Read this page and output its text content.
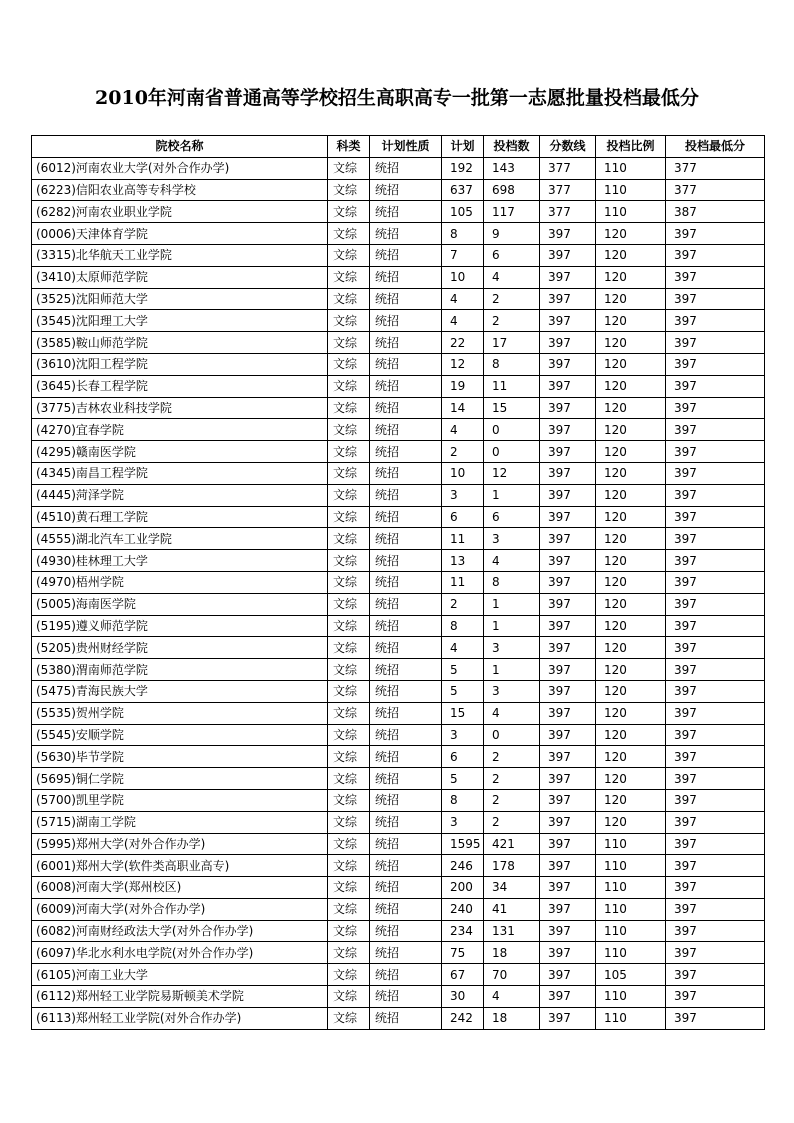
2010年河南省普通高等学校招生高职高专一批第一志愿批量投档最低分
院校名称	科类	计划性质	计划	投档数	分数线	投档比例	投档最低分
(6012)河南农业大学(对外合作办学)	文综	统招	192	143	377	110	377
(6223)信阳农业高等专科学校	文综	统招	637	698	377	110	377
(6282)河南农业职业学院	文综	统招	105	117	377	110	387
(0006)天津体育学院	文综	统招	8	9	397	120	397
(3315)北华航天工业学院	文综	统招	7	6	397	120	397
(3410)太原师范学院	文综	统招	10	4	397	120	397
(3525)沈阳师范大学	文综	统招	4	2	397	120	397
(3545)沈阳理工大学	文综	统招	4	2	397	120	397
(3585)鞍山师范学院	文综	统招	22	17	397	120	397
(3610)沈阳工程学院	文综	统招	12	8	397	120	397
(3645)长春工程学院	文综	统招	19	11	397	120	397
(3775)吉林农业科技学院	文综	统招	14	15	397	120	397
(4270)宜春学院	文综	统招	4	0	397	120	397
(4295)赣南医学院	文综	统招	2	0	397	120	397
(4345)南昌工程学院	文综	统招	10	12	397	120	397
(4445)菏泽学院	文综	统招	3	1	397	120	397
(4510)黄石理工学院	文综	统招	6	6	397	120	397
(4555)湖北汽车工业学院	文综	统招	11	3	397	120	397
(4930)桂林理工大学	文综	统招	13	4	397	120	397
(4970)梧州学院	文综	统招	11	8	397	120	397
(5005)海南医学院	文综	统招	2	1	397	120	397
(5195)遵义师范学院	文综	统招	8	1	397	120	397
(5205)贵州财经学院	文综	统招	4	3	397	120	397
(5380)渭南师范学院	文综	统招	5	1	397	120	397
(5475)青海民族大学	文综	统招	5	3	397	120	397
(5535)贺州学院	文综	统招	15	4	397	120	397
(5545)安顺学院	文综	统招	3	0	397	120	397
(5630)毕节学院	文综	统招	6	2	397	120	397
(5695)铜仁学院	文综	统招	5	2	397	120	397
(5700)凯里学院	文综	统招	8	2	397	120	397
(5715)湖南工学院	文综	统招	3	2	397	120	397
(5995)郑州大学(对外合作办学)	文综	统招	1595	421	397	110	397
(6001)郑州大学(软件类高职业高专)	文综	统招	246	178	397	110	397
(6008)河南大学(郑州校区)	文综	统招	200	34	397	110	397
(6009)河南大学(对外合作办学)	文综	统招	240	41	397	110	397
(6082)河南财经政法大学(对外合作办学)	文综	统招	234	131	397	110	397
(6097)华北水利水电学院(对外合作办学)	文综	统招	75	18	397	110	397
(6105)河南工业大学	文综	统招	67	70	397	105	397
(6112)郑州轻工业学院易斯顿美术学院	文综	统招	30	4	397	110	397
(6113)郑州轻工业学院(对外合作办学)	文综	统招	242	18	397	110	397
